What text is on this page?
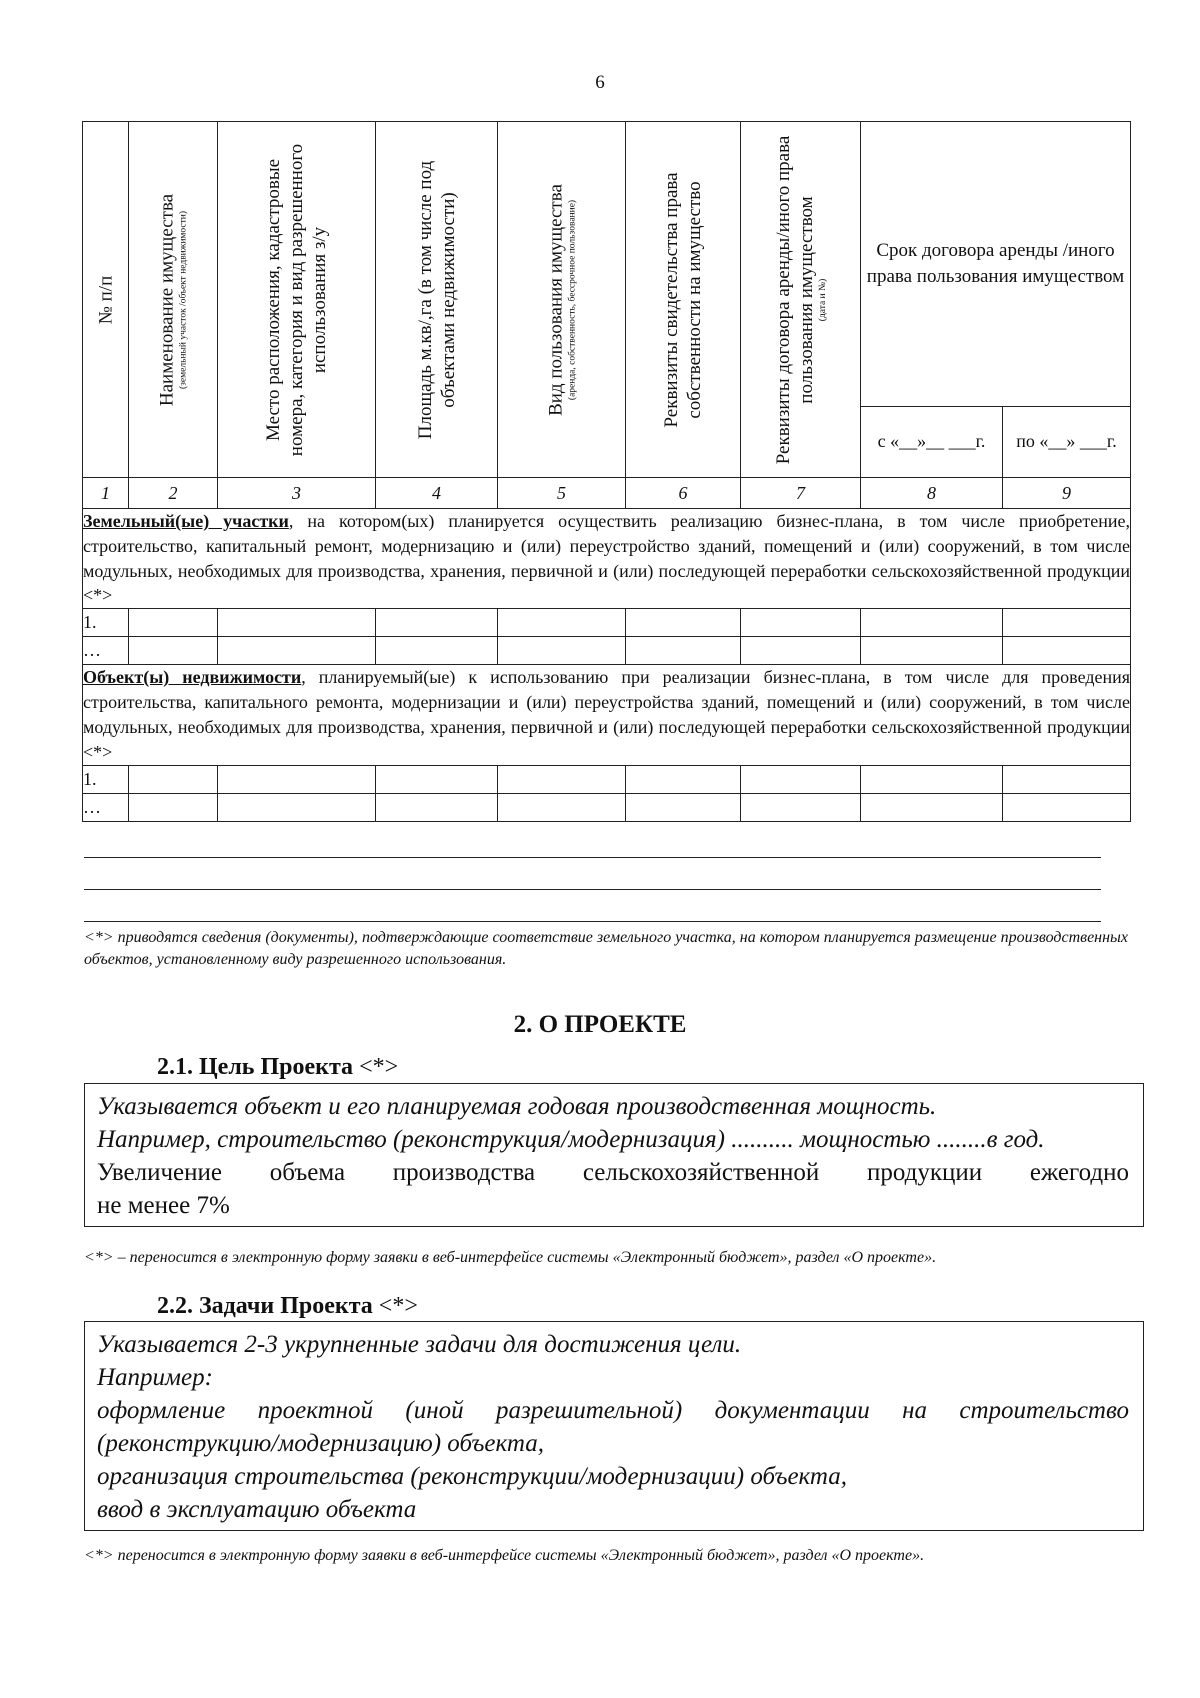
6
№ п/п	Наименование имущества (земельный участок /объект недвижимости)	Место расположения, кадастровые номера, категория и вид разрешенного использования з/у	Площадь м.кв/,га (в том числе под объектами недвижимости)	Вид пользования имущества (аренда, собственность, бессрочное пользование)	Реквизиты свидетельства права собственности на имущество	Реквизиты договора аренды/иного права пользования имуществом (дата и №)	Срок договора аренды /иного права пользования имуществом	
							с «__»__ ___г.	по «__» ___г.
1	2	3	4	5	6	7	8	9
Земельный(ые) участки, на котором(ых) планируется осуществить реализацию бизнес-плана, в том числе приобретение, строительство, капитальный ремонт, модернизацию и (или) переустройство зданий, помещений и (или) сооружений, в том числе модульных, необходимых для производства, хранения, первичной и (или) последующей переработки сельскохозяйственной продукции <*>								
1.								
…								
Объект(ы) недвижимости, планируемый(ые) к использованию при реализации бизнес-плана, в том числе для проведения строительства, капитального ремонта, модернизации и (или) переустройства зданий, помещений и (или) сооружений, в том числе модульных, необходимых для производства, хранения, первичной и (или) последующей переработки сельскохозяйственной продукции <*>								
1.								
…								
<*> приводятся сведения (документы), подтверждающие соответствие земельного участка, на котором планируется размещение производственных объектов, установленному виду разрешенного использования.
2. О ПРОЕКТЕ
2.1. Цель Проекта <*>

Указывается объект и его планируемая годовая производственная мощность.

Например, строительство (реконструкция/модернизация) .......... мощностью ........в год.

Увеличение объема производства сельскохозяйственной продукции ежегодно

не менее 7%

<*> – переносится в электронную форму заявки в веб-интерфейсе системы «Электронный бюджет», раздел «О проекте».
2.2. Задачи Проекта <*>

Указывается 2-3 укрупненные задачи для достижения цели.

Например:

оформление проектной (иной разрешительной) документации на строительство (реконструкцию/модернизацию) объекта,

организация строительства (реконструкции/модернизации) объекта,

ввод в эксплуатацию объекта

<*> переносится в электронную форму заявки в веб-интерфейсе системы «Электронный бюджет», раздел «О проекте».
